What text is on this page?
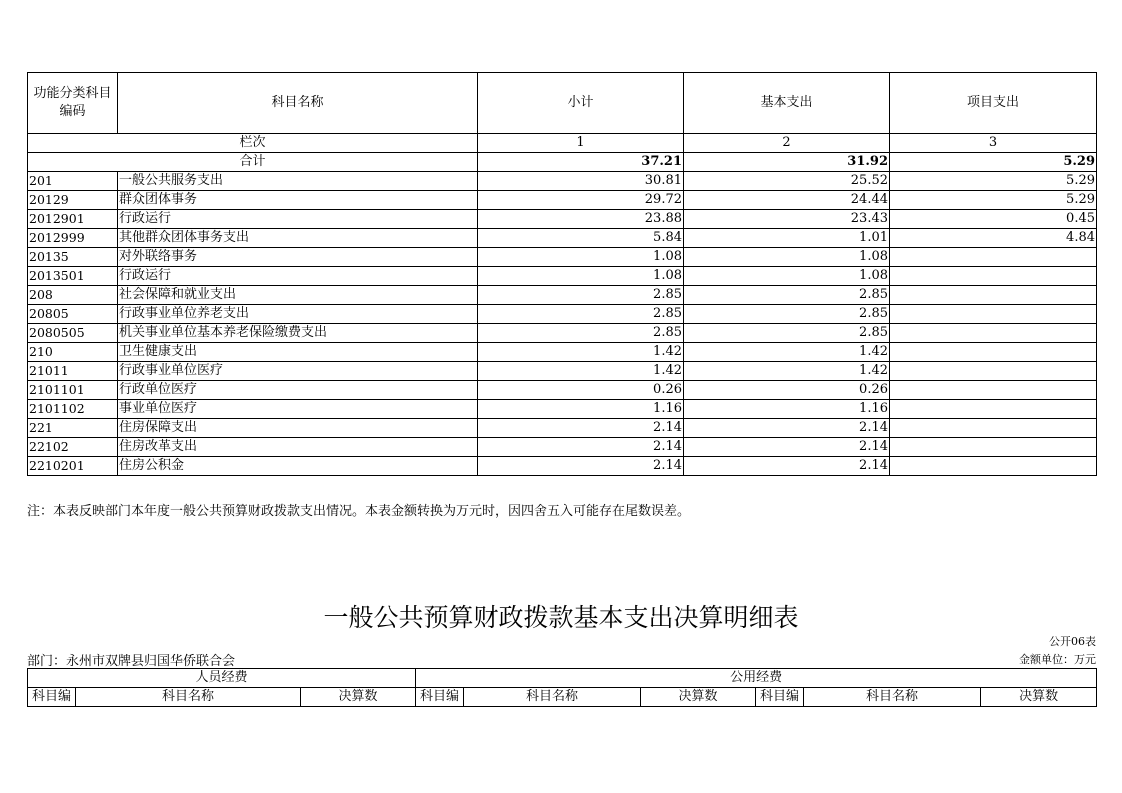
功能分类科目编码	科目名称	小计	基本支出	项目支出
栏次		1	2	3
合计		37.21	31.92	5.29
201	一般公共服务支出	30.81	25.52	5.29
20129	群众团体事务	29.72	24.44	5.29
2012901	行政运行	23.88	23.43	0.45
2012999	其他群众团体事务支出	5.84	1.01	4.84
20135	对外联络事务	1.08	1.08	
2013501	行政运行	1.08	1.08	
208	社会保障和就业支出	2.85	2.85	
20805	行政事业单位养老支出	2.85	2.85	
2080505	机关事业单位基本养老保险缴费支出	2.85	2.85	
210	卫生健康支出	1.42	1.42	
21011	行政事业单位医疗	1.42	1.42	
2101101	行政单位医疗	0.26	0.26	
2101102	事业单位医疗	1.16	1.16	
221	住房保障支出	2.14	2.14	
22102	住房改革支出	2.14	2.14	
2210201	住房公积金	2.14	2.14	
注：本表反映部门本年度一般公共预算财政拨款支出情况。本表金额转换为万元时，因四舍五入可能存在尾数误差。
一般公共预算财政拨款基本支出决算明细表
公开06表
部门：永州市双牌县归国华侨联合会	金额单位：万元
人员经费			公用经费					
科目编	科目名称	决算数	科目编	科目名称	决算数	科目编	科目名称	决算数
